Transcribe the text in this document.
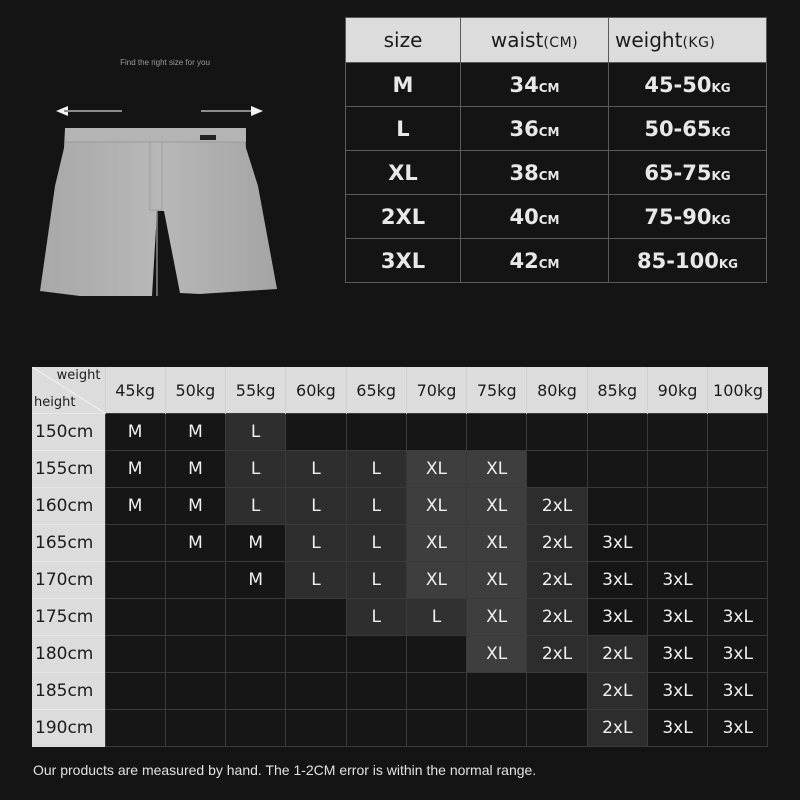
Find the right size for you
size	waist(CM)	weight(KG)
M	34CM	45-50KG
L	36CM	50-65KG
XL	38CM	65-75KG
2XL	40CM	75-90KG
3XL	42CM	85-100KG
weight
height	45kg	50kg	55kg	60kg	65kg	70kg	75kg	80kg	85kg	90kg	100kg
150cm	M	M	L								
155cm	M	M	L	L	L	XL	XL				
160cm	M	M	L	L	L	XL	XL	2xL			
165cm		M	M	L	L	XL	XL	2xL	3xL		
170cm			M	L	L	XL	XL	2xL	3xL	3xL	
175cm					L	L	XL	2xL	3xL	3xL	3xL
180cm							XL	2xL	2xL	3xL	3xL
185cm									2xL	3xL	3xL
190cm									2xL	3xL	3xL
Our products are measured by hand. The 1-2CM error is within the normal range.
